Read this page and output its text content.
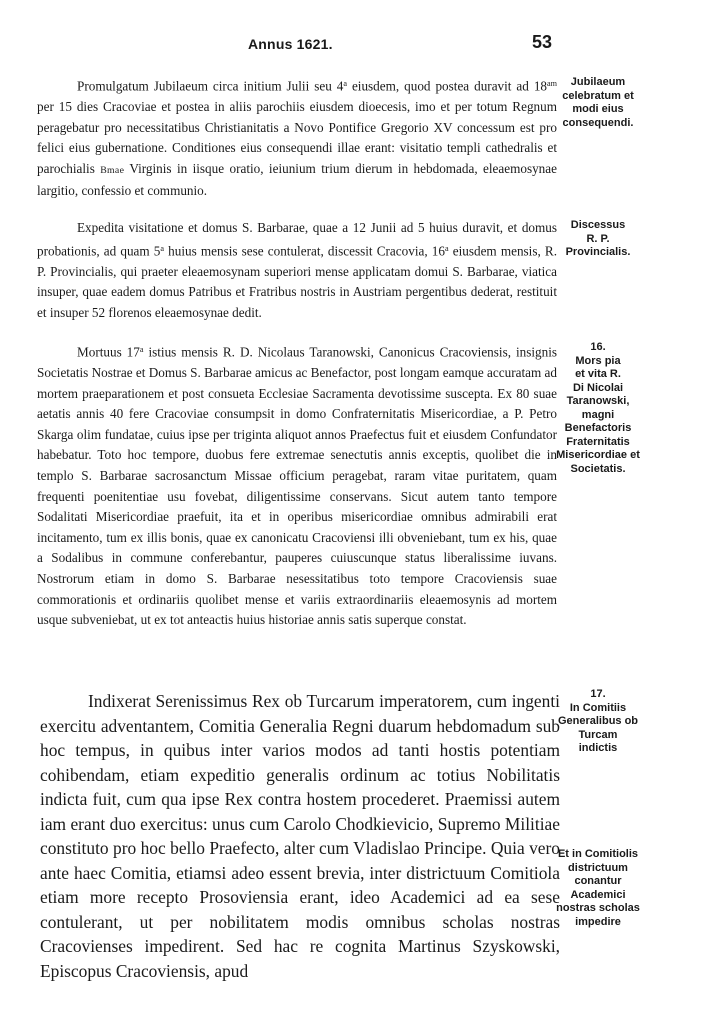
Annus 1621.	53

Promulgatum Jubilaeum circa initium Julii seu 4$^a$ eiusdem, quod postea duravit ad $18^{am}$ per 15 dies Cracoviae et postea in aliis parochiis eiusdem dioecesis, imo et per totum Regnum peragebatur pro necessitatibus Christianitatis a Novo Pontifice Gregorio XV concessum est pro felici eius gubernatione. Conditiones eius consequendi illae erant: visitatio templi cathedralis et parochialis Bmae Virginis in iisque oratio, ieiunium trium dierum in hebdomada, eleaemosynae largitio, confessio et communio.

Expedita visitatione et domus S. Barbarae, quae a 12 Junii ad 5 huius duravit, et domus probationis, ad quam 5$^a$ huius mensis sese contulerat, discessit Cracovia, 16$^a$ eiusdem mensis, R. P. Provincialis, qui praeter eleaemosynam superiori mense applicatam domui S. Barbarae, viatica insuper, quae eadem domus Patribus et Fratribus nostris in Austriam pergentibus dederat, restituit et insuper 52 florenos eleaemosynae dedit.

Mortuus 17$^a$ istius mensis R. D. Nicolaus Taranowski, Canonicus Cracoviensis, insignis Societatis Nostrae et Domus S. Barbarae amicus ac Benefactor, post longam eamque accuratam ad mortem praeparationem et post consueta Ecclesiae Sacramenta devotissime suscepta. Ex 80 suae aetatis annis 40 fere Cracoviae consumpsit in domo Confraternitatis Misericordiae, a P. Petro Skarga olim fundatae, cuius ipse per triginta aliquot annos Praefectus fuit et eiusdem Confundator habebatur. Toto hoc tempore, duobus fere extremae senectutis annis exceptis, quolibet die in templo S. Barbarae sacrosanctum Missae officium peragebat, raram vitae puritatem, quam frequenti poenitentiae usu fovebat, diligentissime conservans. Sicut autem tanto tempore Sodalitati Misericordiae praefuit, ita et in operibus misericordiae omnibus admirabili erat incitamento, tum ex illis bonis, quae ex canonicatu Cracoviensi illi obveniebant, tum ex his, quae a Sodalibus in commune conferebantur, pauperes cuiuscunque status liberalissime iuvans. Nostrorum etiam in domo S. Barbarae nesessitatibus toto tempore Cracoviensis suae commorationis et ordinariis quolibet mense et variis extraordinariis eleaemosynis ad mortem usque subveniebat, ut ex tot anteactis huius historiae annis satis superque constat.

Indixerat Serenissimus Rex ob Turcarum imperatorem, cum ingenti exercitu adventantem, Comitia Generalia Regni duarum hebdomadum sub hoc tempus, in quibus inter varios modos ad tanti hostis potentiam cohibendam, etiam expeditio generalis ordinum ac totius Nobilitatis indicta fuit, cum qua ipse Rex contra hostem procederet. Praemissi autem iam erant duo exercitus: unus cum Carolo Chodkievicio, Supremo Militiae constituto pro hoc bello Praefecto, alter cum Vladislao Principe. Quia vero ante haec Comitia, etiamsi adeo essent brevia, inter districtuum Comitiola etiam more recepto Prosoviensia erant, ideo Academici ad ea sese contulerant, ut per nobilitatem modis omnibus scholas nostras Cracovienses impedirent. Sed hac re cognita Martinus Szyskowski, Episcopus Cracoviensis, apud

Jubilaeum
celebratum et modi eius consequendi.
Discessus
R. P. Provincialis.
16.
Mors pia
et vita R.
Di Nicolai
Taranowski, magni Benefactoris Fraternitatis Misericordiae et Societatis.
17.
In Comitiis
Generalibus ob
Turcam
indictis
Et in Comitiolis districtuum conantur Academici nostras scholas impedire
